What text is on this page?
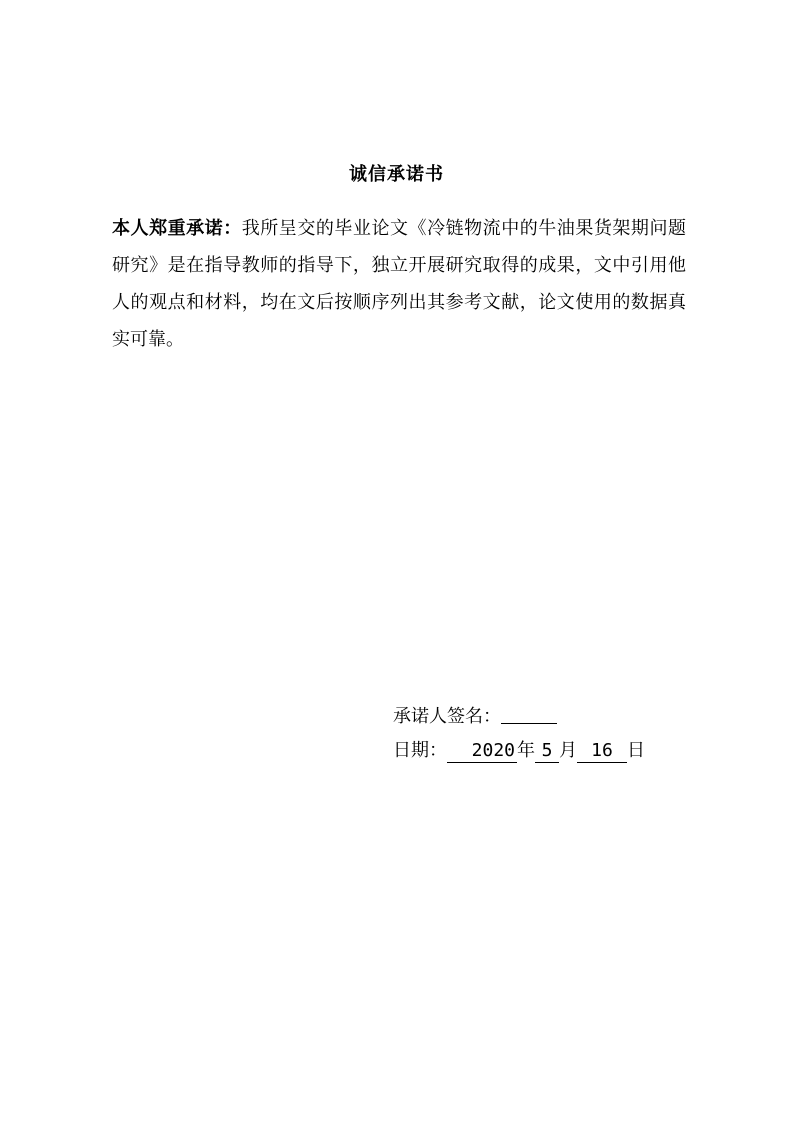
诚信承诺书

本人郑重承诺：我所呈交的毕业论文《冷链物流中的牛油果货架期问题研究》是在指导教师的指导下，独立开展研究取得的成果，文中引用他人的观点和材料，均在文后按顺序列出其参考文献，论文使用的数据真实可靠。

承诺人签名：
日期： 2020 年 5 月 16 日
